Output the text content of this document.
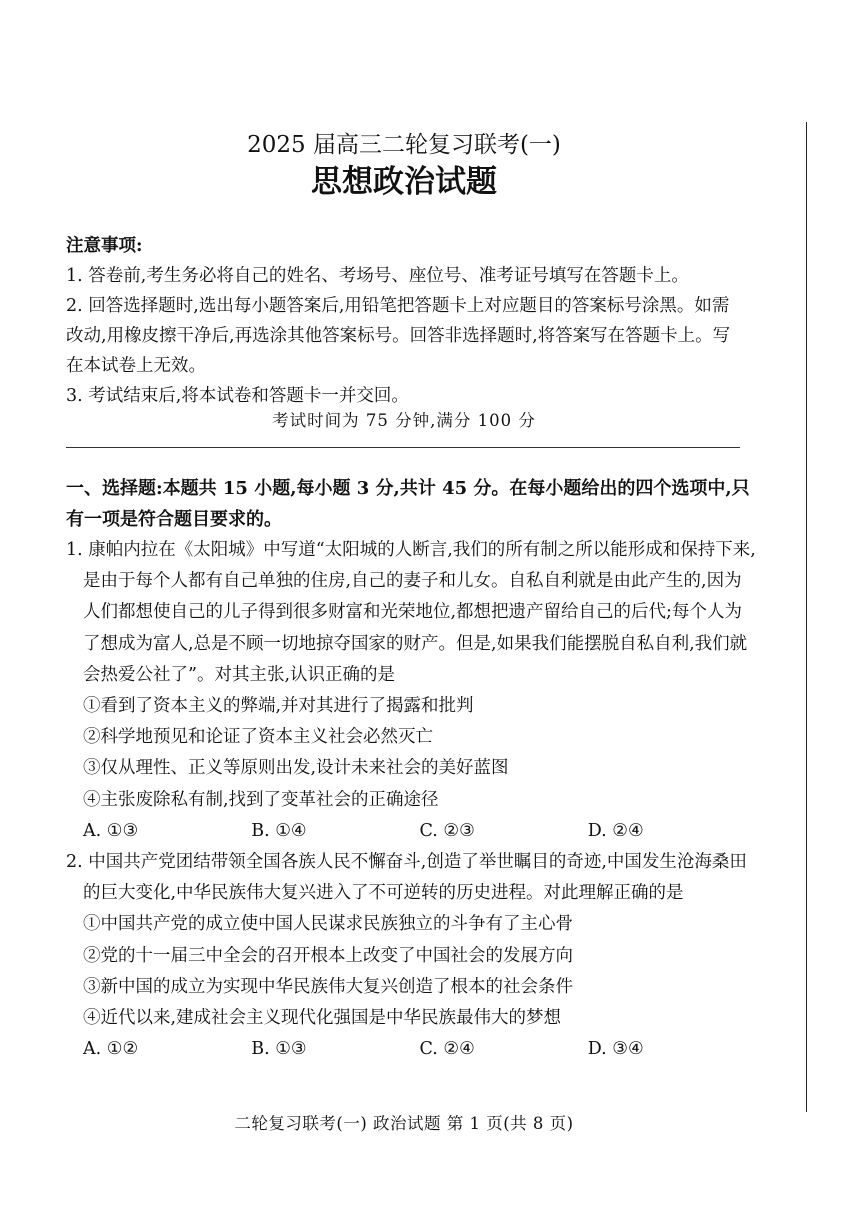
2025 届高三二轮复习联考(一)
思想政治试题

注意事项:

1. 答卷前,考生务必将自己的姓名、考场号、座位号、准考证号填写在答题卡上。

2. 回答选择题时,选出每小题答案后,用铅笔把答题卡上对应题目的答案标号涂黑。如需改动,用橡皮擦干净后,再选涂其他答案标号。回答非选择题时,将答案写在答题卡上。写在本试卷上无效。

3. 考试结束后,将本试卷和答题卡一并交回。

考试时间为 75 分钟,满分 100 分

一、选择题:本题共 15 小题,每小题 3 分,共计 45 分。在每小题给出的四个选项中,只有一项是符合题目要求的。

1. 康帕内拉在《太阳城》中写道“太阳城的人断言,我们的所有制之所以能形成和保持下来,是由于每个人都有自己单独的住房,自己的妻子和儿女。自私自利就是由此产生的,因为人们都想使自己的儿子得到很多财富和光荣地位,都想把遗产留给自己的后代;每个人为了想成为富人,总是不顾一切地掠夺国家的财产。但是,如果我们能摆脱自私自利,我们就会热爱公社了”。对其主张,认识正确的是

①看到了资本主义的弊端,并对其进行了揭露和批判

②科学地预见和论证了资本主义社会必然灭亡

③仅从理性、正义等原则出发,设计未来社会的美好蓝图

④主张废除私有制,找到了变革社会的正确途径

A. ①③	B. ①④	C. ②③	D. ②④

2. 中国共产党团结带领全国各族人民不懈奋斗,创造了举世瞩目的奇迹,中国发生沧海桑田的巨大变化,中华民族伟大复兴进入了不可逆转的历史进程。对此理解正确的是

①中国共产党的成立使中国人民谋求民族独立的斗争有了主心骨

②党的十一届三中全会的召开根本上改变了中国社会的发展方向

③新中国的成立为实现中华民族伟大复兴创造了根本的社会条件

④近代以来,建成社会主义现代化强国是中华民族最伟大的梦想

A. ①②	B. ①③	C. ②④	D. ③④
二轮复习联考(一) 政治试题 第 1 页(共 8 页)
